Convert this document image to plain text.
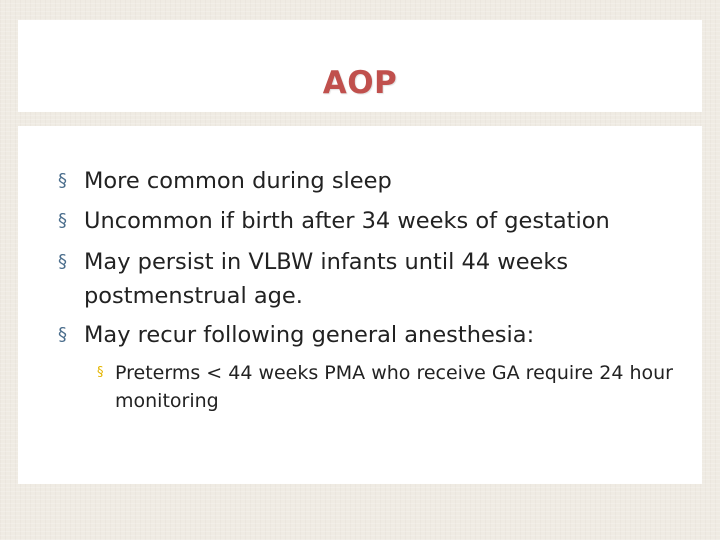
AOP

§ More common during sleep

§ Uncommon if birth after 34 weeks of gestation

§ May persist in VLBW infants until 44 weeks postmenstrual age.

§ May recur following general anesthesia:

§ Preterms < 44 weeks PMA who receive GA require 24 hour monitoring
